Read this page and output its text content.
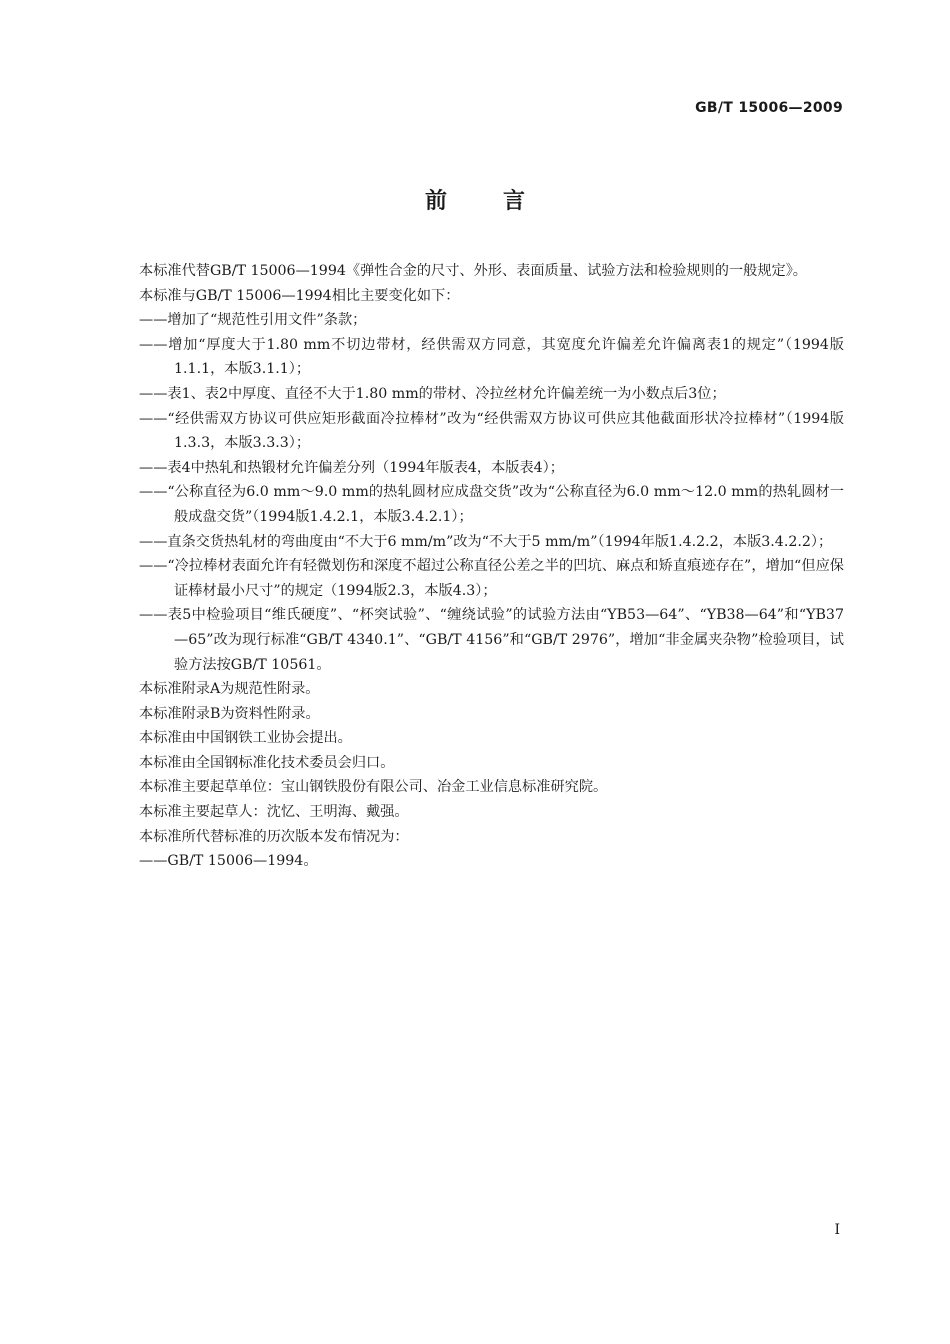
GB/T 15006—2009
前言

本标准代替GB/T 15006—1994《弹性合金的尺寸、外形、表面质量、试验方法和检验规则的一般规定》。

本标准与GB/T 15006—1994相比主要变化如下：

——增加了“规范性引用文件”条款；

——增加“厚度大于1.80 mm不切边带材，经供需双方同意，其宽度允许偏差允许偏离表1的规定”（1994版1.1.1，本版3.1.1）；

——表1、表2中厚度、直径不大于1.80 mm的带材、冷拉丝材允许偏差统一为小数点后3位；

——“经供需双方协议可供应矩形截面冷拉棒材”改为“经供需双方协议可供应其他截面形状冷拉棒材”（1994版1.3.3，本版3.3.3）；

——表4中热轧和热锻材允许偏差分列（1994年版表4，本版表4）；

——“公称直径为6.0 mm～9.0 mm的热轧圆材应成盘交货”改为“公称直径为6.0 mm～12.0 mm的热轧圆材一般成盘交货”（1994版1.4.2.1，本版3.4.2.1）；

——直条交货热轧材的弯曲度由“不大于6 mm/m”改为“不大于5 mm/m”（1994年版1.4.2.2，本版3.4.2.2）；

——“冷拉棒材表面允许有轻微划伤和深度不超过公称直径公差之半的凹坑、麻点和矫直痕迹存在”，增加“但应保证棒材最小尺寸”的规定（1994版2.3，本版4.3）；

——表5中检验项目“维氏硬度”、“杯突试验”、“缠绕试验”的试验方法由“YB53—64”、“YB38—64”和“YB37—65”改为现行标准“GB/T 4340.1”、“GB/T 4156”和“GB/T 2976”，增加“非金属夹杂物”检验项目，试验方法按GB/T 10561。

本标准附录A为规范性附录。

本标准附录B为资料性附录。

本标准由中国钢铁工业协会提出。

本标准由全国钢标准化技术委员会归口。

本标准主要起草单位：宝山钢铁股份有限公司、冶金工业信息标准研究院。

本标准主要起草人：沈忆、王明海、戴强。

本标准所代替标准的历次版本发布情况为：

——GB/T 15006—1994。

I
